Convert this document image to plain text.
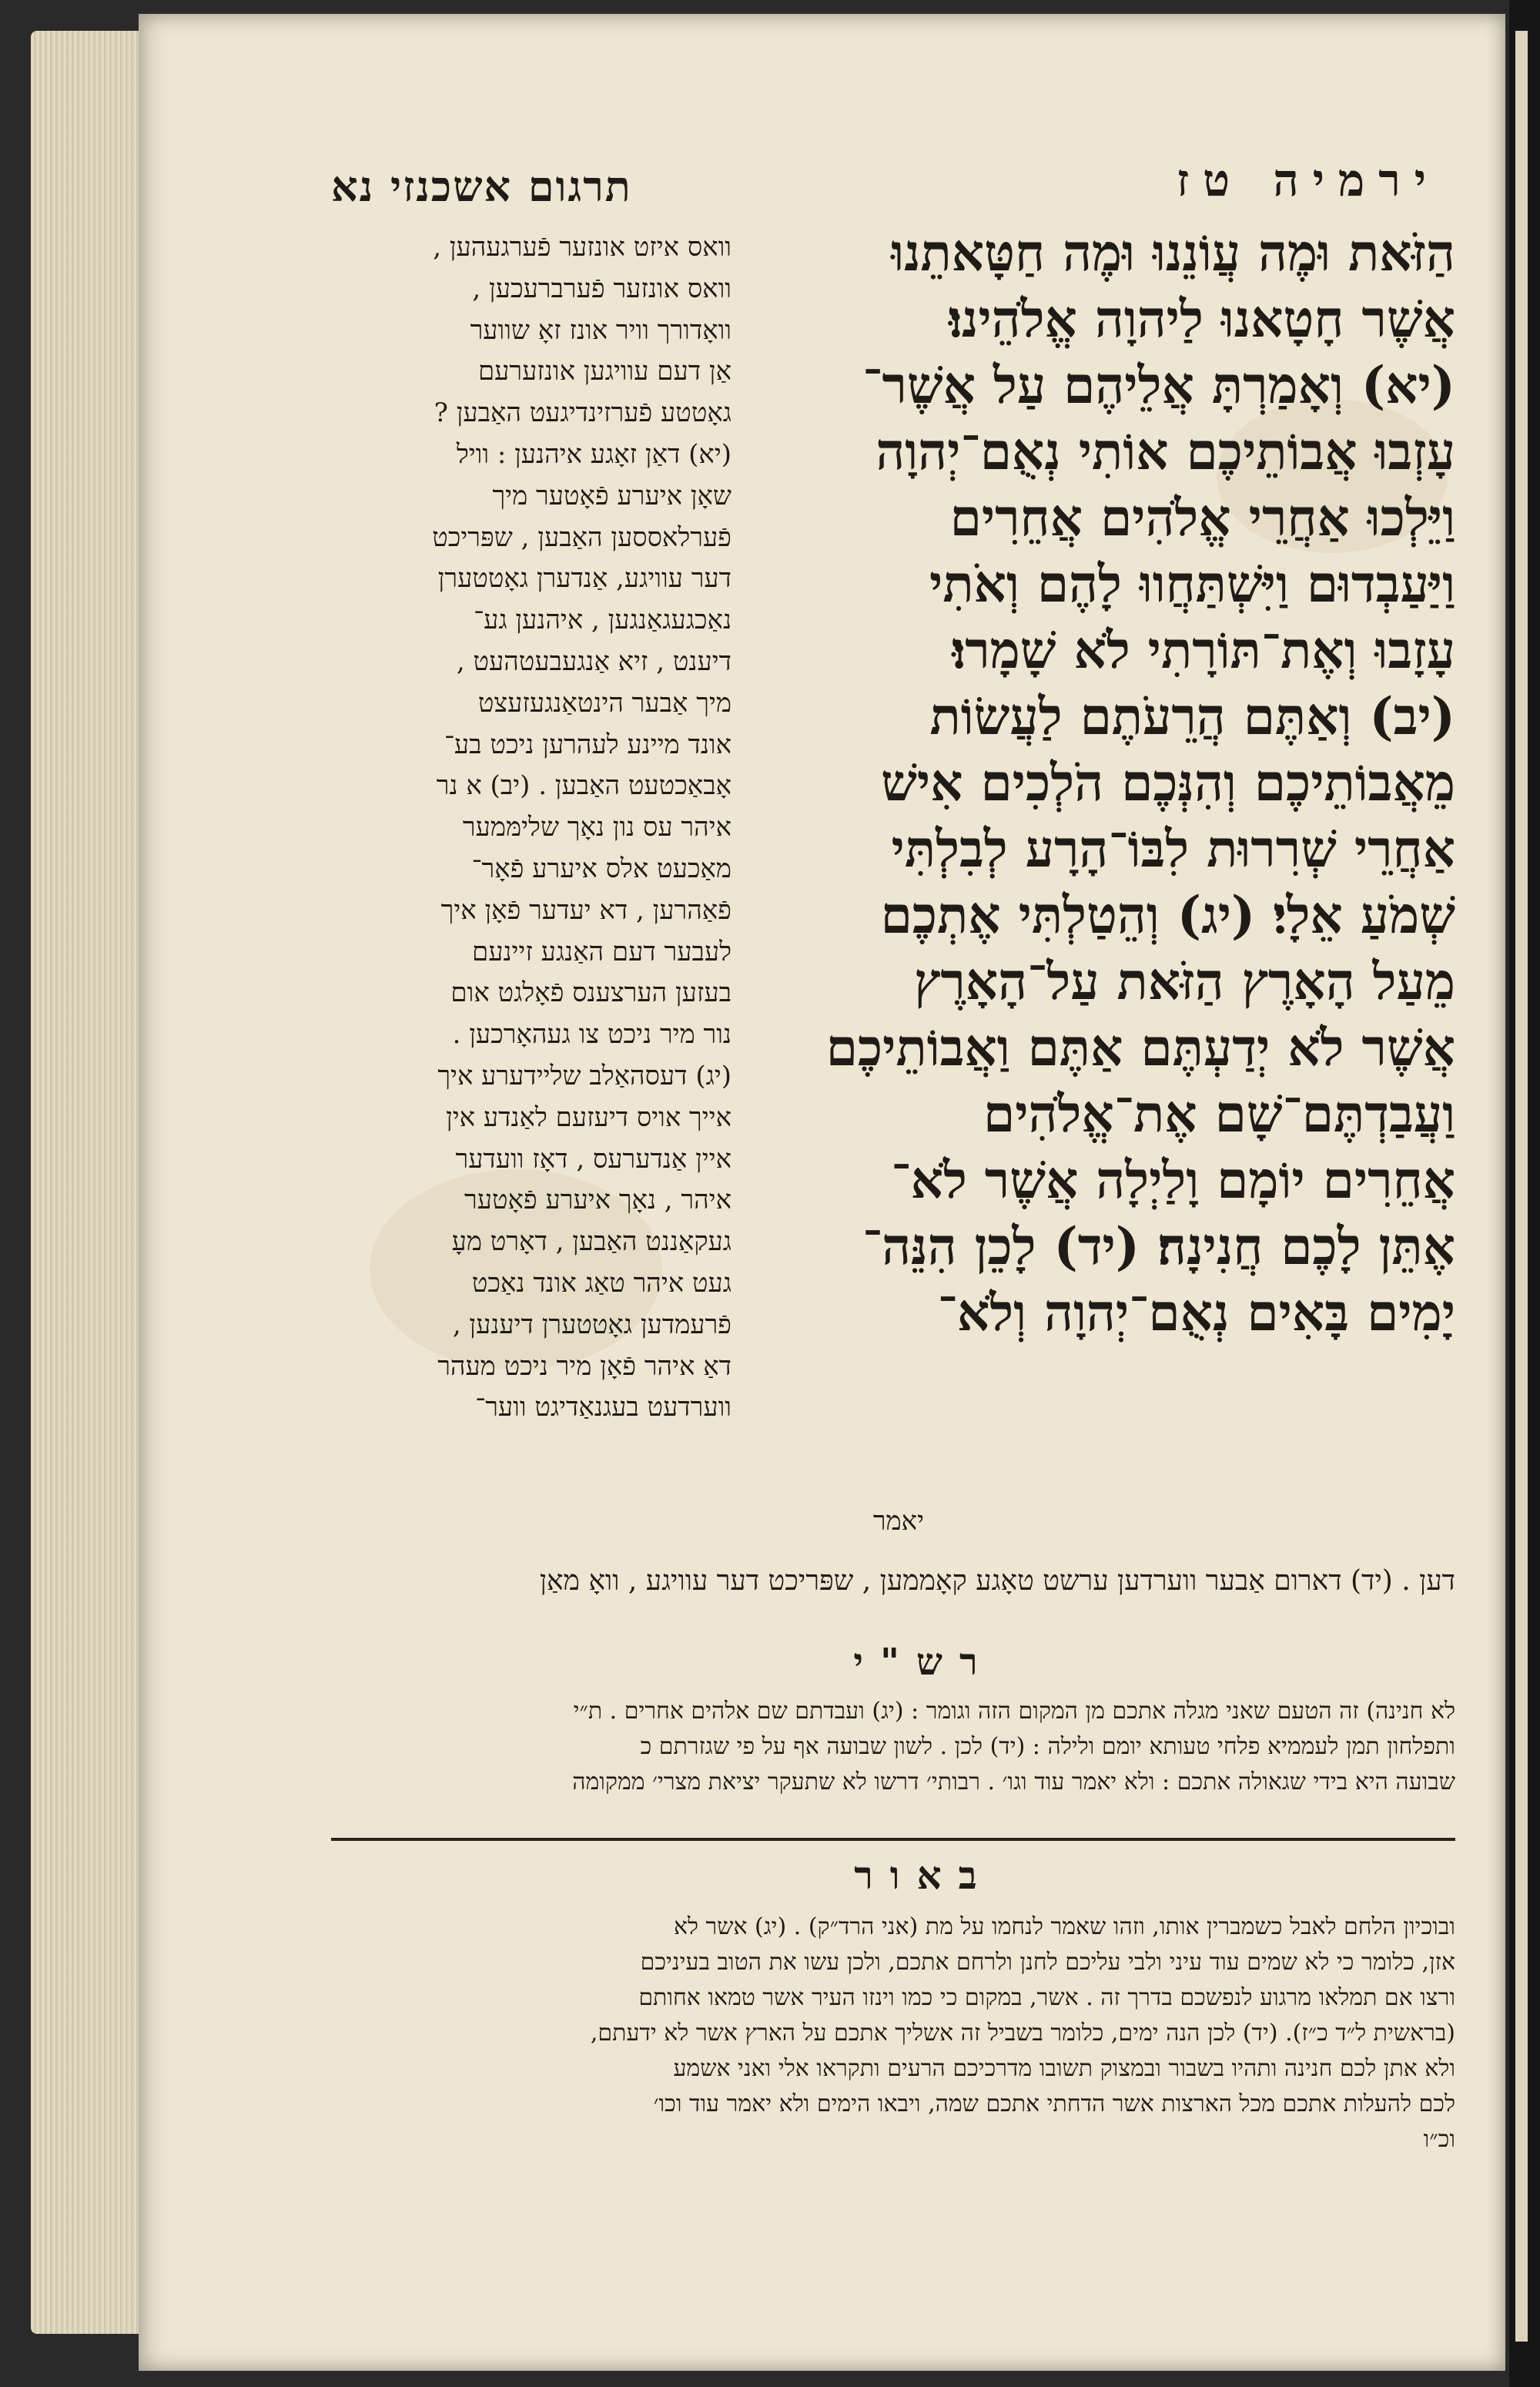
תרגום אשכנזי נא	ירמיה טז
הַזֹּאת וּמֶה עֲוֹנֵנוּ וּמֶה חַטָּאתֵנוּ
אֲשֶׁר חָטָאנוּ לַיהוָה אֱלֹהֵינוּ׃
(יא) וְאָמַרְתָּ אֲלֵיהֶם עַל אֲשֶׁר־
עָזְבוּ אֲבוֹתֵיכֶם אוֹתִי נְאֻם־יְהוָה
וַיֵּלְכוּ אַחֲרֵי אֱלֹהִים אֲחֵרִים
וַיַּעַבְדוּם וַיִּשְׁתַּחֲווּ לָהֶם וְאֹתִי
עָזָבוּ וְאֶת־תּוֹרָתִי לֹא שָׁמָרוּ׃
(יב) וְאַתֶּם הֲרֵעֹתֶם לַעֲשׂוֹת
מֵאֲבוֹתֵיכֶם וְהִנְּכֶם הֹלְכִים אִישׁ
אַחֲרֵי שְׁרִרוּת לִבּוֹ־הָרָע לְבִלְתִּי
שְׁמֹעַ אֵלָי׃ (יג) וְהֵטַלְתִּי אֶתְכֶם
מֵעַל הָאָרֶץ הַזֹּאת עַל־הָאָרֶץ
אֲשֶׁר לֹא יְדַעְתֶּם אַתֶּם וַאֲבוֹתֵיכֶם
וַעֲבַדְתֶּם־שָׁם אֶת־אֱלֹהִים
אֲחֵרִים יוֹמָם וָלַיְלָה אֲשֶׁר לֹא־
אֶתֵּן לָכֶם חֲנִינָה׃ (יד) לָכֵן הִנֵּה־
יָמִים בָּאִים נְאֻם־יְהוָה וְלֹא־
וואס איזט אונזער פֿערגעהען ,
וואס אונזער פֿערברעכען ,
וואָדורך וויר אונז זאָ שווער
אַן דעם עוויגען אונזערעם
גאָטטע פֿערזינדיגעט האַבען ?
(יא) דאַן זאָגע איהנען : וויל
שאָן איערע פֿאָטער מיך
פֿערלאססען האַבען , שפּריכט
דער עוויגע, אַנדערן גאָטטערן
נאַכגעגאַנגען , איהנען גע־
דיענט , זיא אַנגעבעטהעט ,
מיך אַבער הינטאַנגעזעצט
אונד מיינע לעהרען ניכט בע־
אָבאַכטעט האַבען . (יב) א נר
איהר עס נון נאָך שלימּמער
מאַכעט אלס איערע פֿאָר־
פֿאַהרען , דא יעדער פֿאָן איך
לעבער דעם האַנגע זיינעם
בעזען הערצענס פֿאָלגט אום
נור מיר ניכט צו געהאָרכען .
(יג) דעסהאַלב שליידערע איך
אייך אויס דיעזעם לאַנדע אין
איין אַנדערעס , דאָז וועדער
איהר , נאָך איערע פֿאָטער
געקאַננט האַבען , דאָרט מעָ
געט איהר טאַג אונד נאַכט
פֿרעמדען גאָטטערן דיענען ,
דאַ איהר פֿאָן מיר ניכט מעהר
ווערדעט בעגנאַדיגט ווער־
יאמר
דען . (יד) דארום אַבער ווערדען ערשט טאָגע קאָממען , שפּריכט דער עוויגע , וואָ מאַן
רש"י
לא חנינה) זה הטעם שאני מגלה אתכם מן המקום הזה וגומר : (יג) ועבדתם שם אלהים אחרים . ת״י
ותפלחון תמן לעממיא פלחי טעותא יומם ולילה : (יד) לכן . לשון שבועה אף על פי שגזרתם כ
שבועה היא בידי שגאולה אתכם : ולא יאמר עוד וגו׳ . רבותי׳ דרשו לא שתעקר יציאת מצרי׳ ממקומה
באור
ובוכיון הלחם לאבל כשמברין אותו, וזהו שאמר לנחמו על מת (אני הרד״ק) . (יג) אשר לא
אזן, כלומר כי לא שמים עוד עיני ולבי עליכם לחנן ולרחם אתכם, ולכן עשו את הטוב בעיניכם
ורצו אם תמלאו מרגוע לנפשכם בדרך זה . אשר, במקום כי כמו וינזו העיר אשר טמאו אחותם
(בראשית ל״ד כ״ז). (יד) לכן הנה ימים, כלומר בשביל זה אשליך אתכם על הארץ אשר לא ידעתם,
ולא אתן לכם חנינה ותהיו בשבור ובמצוק תשובו מדרכיכם הרעים ותקראו אלי ואני אשמע
לכם להעלות אתכם מכל הארצות אשר הדחתי אתכם שמה, ויבאו הימים ולא יאמר עוד וכו׳
וכ״ו
